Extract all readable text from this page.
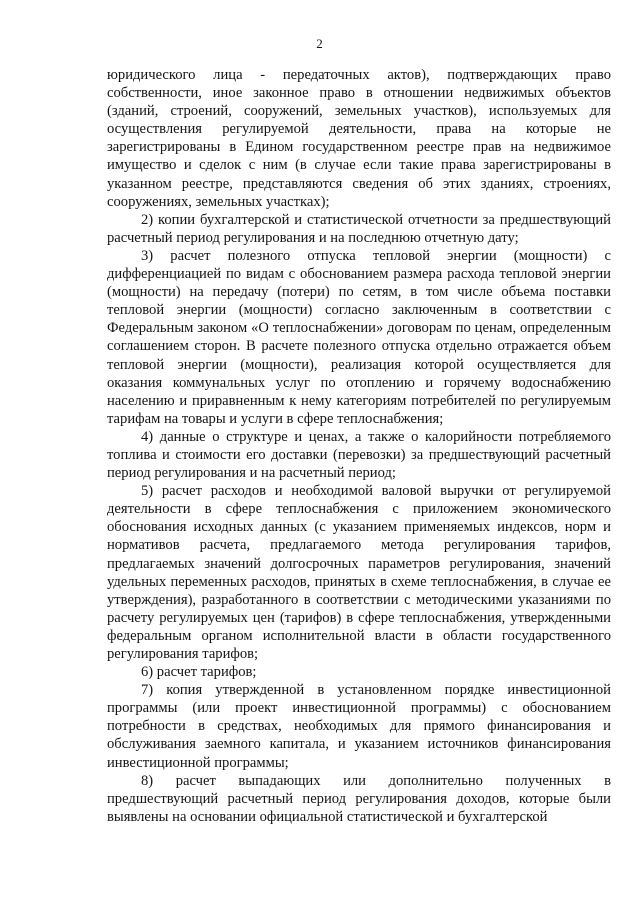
2

юридического лица - передаточных актов), подтверждающих право собственности, иное законное право в отношении недвижимых объектов (зданий, строений, сооружений, земельных участков), используемых для осуществления регулируемой деятельности, права на которые не зарегистрированы в Едином государственном реестре прав на недвижимое имущество и сделок с ним (в случае если такие права зарегистрированы в указанном реестре, представляются сведения об этих зданиях, строениях, сооружениях, земельных участках);

2) копии бухгалтерской и статистической отчетности за предшествующий расчетный период регулирования и на последнюю отчетную дату;

3) расчет полезного отпуска тепловой энергии (мощности) с дифференциацией по видам с обоснованием размера расхода тепловой энергии (мощности) на передачу (потери) по сетям, в том числе объема поставки тепловой энергии (мощности) согласно заключенным в соответствии с Федеральным законом «О теплоснабжении» договорам по ценам, определенным соглашением сторон. В расчете полезного отпуска отдельно отражается объем тепловой энергии (мощности), реализация которой осуществляется для оказания коммунальных услуг по отоплению и горячему водоснабжению населению и приравненным к нему категориям потребителей по регулируемым тарифам на товары и услуги в сфере теплоснабжения;

4) данные о структуре и ценах, а также о калорийности потребляемого топлива и стоимости его доставки (перевозки) за предшествующий расчетный период регулирования и на расчетный период;

5) расчет расходов и необходимой валовой выручки от регулируемой деятельности в сфере теплоснабжения с приложением экономического обоснования исходных данных (с указанием применяемых индексов, норм и нормативов расчета, предлагаемого метода регулирования тарифов, предлагаемых значений долгосрочных параметров регулирования, значений удельных переменных расходов, принятых в схеме теплоснабжения, в случае ее утверждения), разработанного в соответствии с методическими указаниями по расчету регулируемых цен (тарифов) в сфере теплоснабжения, утвержденными федеральным органом исполнительной власти в области государственного регулирования тарифов;

6) расчет тарифов;

7) копия утвержденной в установленном порядке инвестиционной программы (или проект инвестиционной программы) с обоснованием потребности в средствах, необходимых для прямого финансирования и обслуживания заемного капитала, и указанием источников финансирования инвестиционной программы;

8) расчет выпадающих или дополнительно полученных в предшествующий расчетный период регулирования доходов, которые были выявлены на основании официальной статистической и бухгалтерской
